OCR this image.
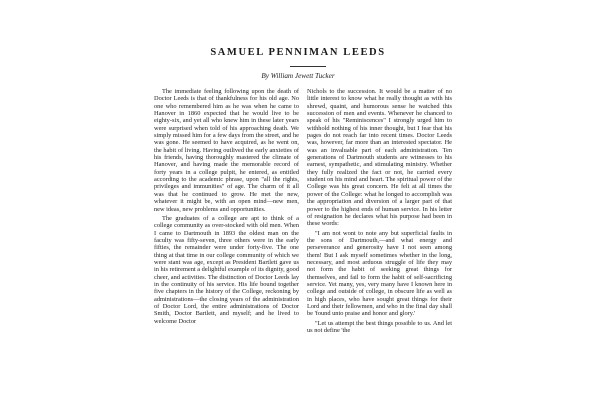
SAMUEL PENNIMAN LEEDS
By William Jewett Tucker

The immediate feeling following upon the death of Doctor Leeds is that of thankfulness for his old age. No one who remembered him as he was when he came to Hanover in 1860 expected that he would live to be eighty-six, and yet all who knew him in these later years were surprised when told of his approaching death. We simply missed him for a few days from the street, and he was gone. He seemed to have acquired, as he went on, the habit of living. Having outlived the early anxieties of his friends, having thoroughly mastered the climate of Hanover, and having made the memorable record of forty years in a college pulpit, he entered, as entitled according to the academic phrase, upon "all the rights, privileges and immunities" of age. The charm of it all was that he continued to grow. He met the new, whatever it might be, with an open mind—new men, new ideas, new problems and opportunities.

The graduates of a college are apt to think of a college community as over-stocked with old men. When I came to Dartmouth in 1893 the oldest man on the faculty was fifty-seven, three others were in the early fifties, the remainder were under forty-five. The one thing at that time in our college community of which we were stant was age, except as President Bartlett gave us in his retirement a delightful example of its dignity, good cheer, and activities. The distinction of Doctor Leeds lay in the continuity of his service. His life bound together five chapters in the history of the College, reckoning by administrations—the closing years of the administration of Doctor Lord, the entire administrations of Doctor Smith, Doctor Bartlett, and myself; and he lived to welcome Doctor

Nichols to the succession. It would be a matter of no little interest to know what he really thought as with his shrewd, quaint, and humorous sense he watched this succession of men and events. Whenever he chanced to speak of his "Reminiscences" I strongly urged him to withhold nothing of his inner thought, but I fear that his pages do not reach far into recent times. Doctor Leeds was, however, far more than an interested spectator. He was an invaluable part of each administration. Ten generations of Dartmouth students are witnesses to his earnest, sympathetic, and stimulating ministry. Whether they fully realized the fact or not, he carried every student on his mind and heart. The spiritual power of the College was his great concern. He felt at all times the power of the College: what he longed to accomplish was the appropriation and diversion of a larger part of that power to the highest ends of human service. In his letter of resignation he declares what his purpose had been in these words:

"I am not wont to note any but superficial faults in the sons of Dartmouth,—and what energy and perseverance and generosity have I not seen among them! But I ask myself sometimes whether in the long, necessary, and most arduous struggle of life they may not form the habit of seeking great things for themselves, and fail to form the habit of self-sacrificing service. Yet many, yes, very many have I known here in college and outside of college, in obscure life as well as in high places, who have sought great things for their Lord and their fellowmen, and who in the final day shall be 'found unto praise and honor and glory.'

"Let us attempt the best things possible to us. And let us not define 'the
